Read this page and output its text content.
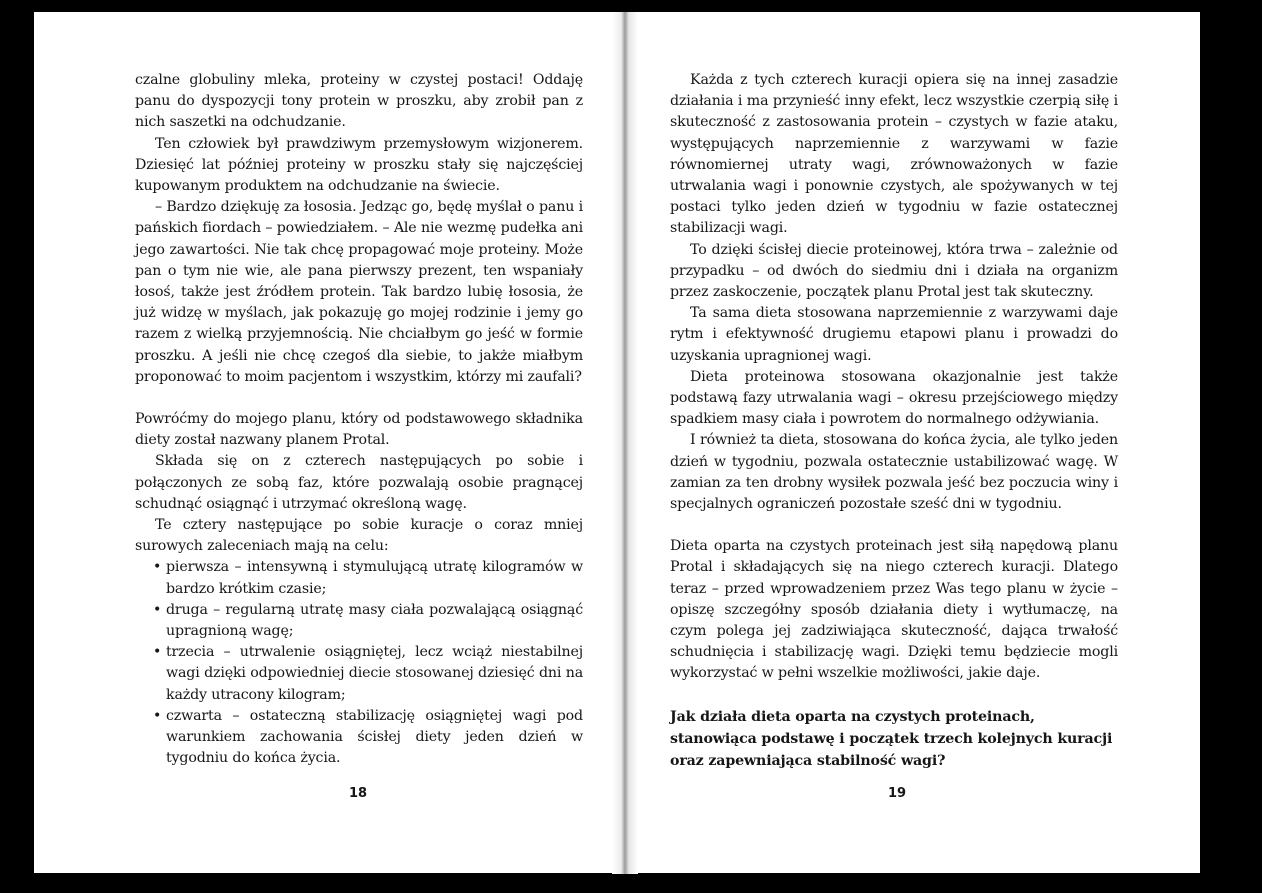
czalne globuliny mleka, proteiny w czystej postaci! Oddaję panu do dyspozycji tony protein w proszku, aby zrobił pan z nich saszetki na odchudzanie.

Ten człowiek był prawdziwym przemysłowym wizjonerem. Dziesięć lat później proteiny w proszku stały się najczęściej kupowanym produktem na odchudzanie na świecie.

– Bardzo dziękuję za łososia. Jedząc go, będę myślał o panu i pańskich fiordach – powiedziałem. – Ale nie wezmę pudełka ani jego zawartości. Nie tak chcę propagować moje proteiny. Może pan o tym nie wie, ale pana pierwszy prezent, ten wspaniały łosoś, także jest źródłem protein. Tak bardzo lubię łososia, że już widzę w myślach, jak pokazuję go mojej rodzinie i jemy go razem z wielką przyjemnością. Nie chciałbym go jeść w formie proszku. A jeśli nie chcę czegoś dla siebie, to jakże miałbym proponować to moim pacjentom i wszystkim, którzy mi zaufali?

Powróćmy do mojego planu, który od podstawowego składnika diety został nazwany planem Protal.

Składa się on z czterech następujących po sobie i połączonych ze sobą faz, które pozwalają osobie pragnącej schudnąć osiągnąć i utrzymać określoną wagę.

Te cztery następujące po sobie kuracje o coraz mniej surowych zaleceniach mają na celu:

• pierwsza – intensywną i stymulującą utratę kilogramów w bardzo krótkim czasie;
• druga – regularną utratę masy ciała pozwalającą osiągnąć upragnioną wagę;
• trzecia – utrwalenie osiągniętej, lecz wciąż niestabilnej wagi dzięki odpowiedniej diecie stosowanej dziesięć dni na każdy utracony kilogram;
• czwarta – ostateczną stabilizację osiągniętej wagi pod warunkiem zachowania ścisłej diety jeden dzień w tygodniu do końca życia.
18

Każda z tych czterech kuracji opiera się na innej zasadzie działania i ma przynieść inny efekt, lecz wszystkie czerpią siłę i skuteczność z zastosowania protein – czystych w fazie ataku, występujących naprzemiennie z warzywami w fazie równomiernej utraty wagi, zrównoważonych w fazie utrwalania wagi i ponownie czystych, ale spożywanych w tej postaci tylko jeden dzień w tygodniu w fazie ostatecznej stabilizacji wagi.

To dzięki ścisłej diecie proteinowej, która trwa – zależnie od przypadku – od dwóch do siedmiu dni i działa na organizm przez zaskoczenie, początek planu Protal jest tak skuteczny.

Ta sama dieta stosowana naprzemiennie z warzywami daje rytm i efektywność drugiemu etapowi planu i prowadzi do uzyskania upragnionej wagi.

Dieta proteinowa stosowana okazjonalnie jest także podstawą fazy utrwalania wagi – okresu przejściowego między spadkiem masy ciała i powrotem do normalnego odżywiania.

I również ta dieta, stosowana do końca życia, ale tylko jeden dzień w tygodniu, pozwala ostatecznie ustabilizować wagę. W zamian za ten drobny wysiłek pozwala jeść bez poczucia winy i specjalnych ograniczeń pozostałe sześć dni w tygodniu.

Dieta oparta na czystych proteinach jest siłą napędową planu Protal i składających się na niego czterech kuracji. Dlatego teraz – przed wprowadzeniem przez Was tego planu w życie – opiszę szczegółny sposób działania diety i wytłumaczę, na czym polega jej zadziwiająca skuteczność, dająca trwałość schudnięcia i stabilizację wagi. Dzięki temu będziecie mogli wykorzystać w pełni wszelkie możliwości, jakie daje.

Jak działa dieta oparta na czystych proteinach, stanowiąca podstawę i początek trzech kolejnych kuracji oraz zapewniająca stabilność wagi?

19
